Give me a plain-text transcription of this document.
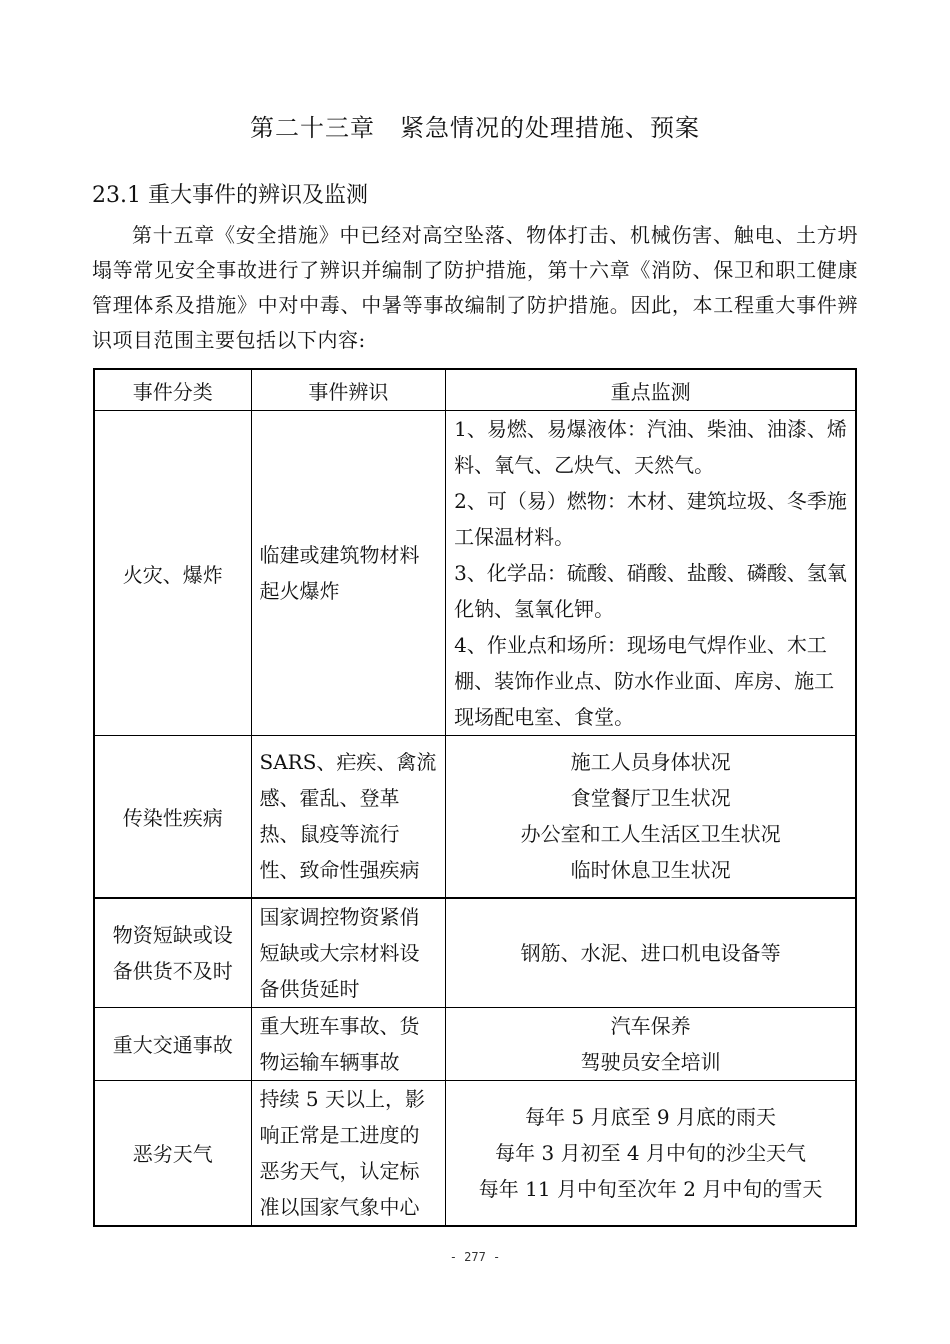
第二十三章　紧急情况的处理措施、预案
23.1 重大事件的辨识及监测
第十五章《安全措施》中已经对高空坠落、物体打击、机械伤害、触电、土方坍塌等常见安全事故进行了辨识并编制了防护措施，第十六章《消防、保卫和职工健康管理体系及措施》中对中毒、中暑等事故编制了防护措施。因此，本工程重大事件辨识项目范围主要包括以下内容:
事件分类	事件辨识	重点监测
火灾、爆炸	临建或建筑物材料起火爆炸	1、易燃、易爆液体：汽油、柴油、油漆、烯料、氧气、乙炔气、天然气。
2、可（易）燃物：木材、建筑垃圾、冬季施工保温材料。
3、化学品：硫酸、硝酸、盐酸、磷酸、氢氧化钠、氢氧化钾。
4、作业点和场所：现场电气焊作业、木工棚、装饰作业点、防水作业面、库房、施工现场配电室、食堂。

传染性疾病	SARS、疟疾、禽流感、霍乱、登革热、鼠疫等流行性、致命性强疾病	施工人员身体状况
食堂餐厅卫生状况
办公室和工人生活区卫生状况
临时休息卫生状况

物资短缺或设备供货不及时	国家调控物资紧俏短缺或大宗材料设备供货延时	钢筋、水泥、进口机电设备等

重大交通事故	重大班车事故、货物运输车辆事故	汽车保养
驾驶员安全培训

恶劣天气	持续 5 天以上，影响正常是工进度的恶劣天气，认定标准以国家气象中心	每年 5 月底至 9 月底的雨天
每年 3 月初至 4 月中旬的沙尘天气
每年 11 月中旬至次年 2 月中旬的雪天
- 277 -
